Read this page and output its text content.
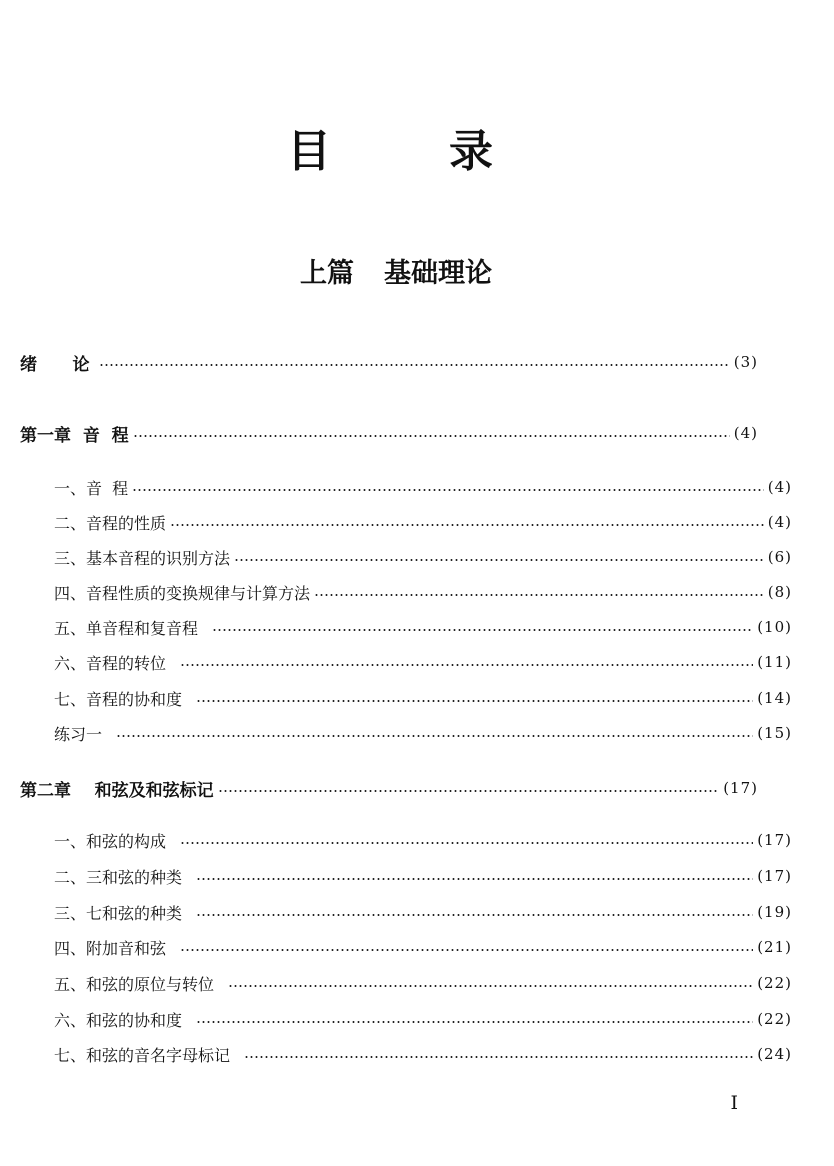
目录
上篇 基础理论
绪      论	(3)
第一章  音  程	(4)
一、音  程	(4)
二、音程的性质	(4)
三、基本音程的识别方法	(6)
四、音程性质的变换规律与计算方法	(8)
五、单音程和复音程	(10)
六、音程的转位	(11)
七、音程的协和度	(14)
练习一	(15)
第二章    和弦及和弦标记	(17)
一、和弦的构成	(17)
二、三和弦的种类	(17)
三、七和弦的种类	(19)
四、附加音和弦	(21)
五、和弦的原位与转位	(22)
六、和弦的协和度	(22)
七、和弦的音名字母标记	(24)
I
